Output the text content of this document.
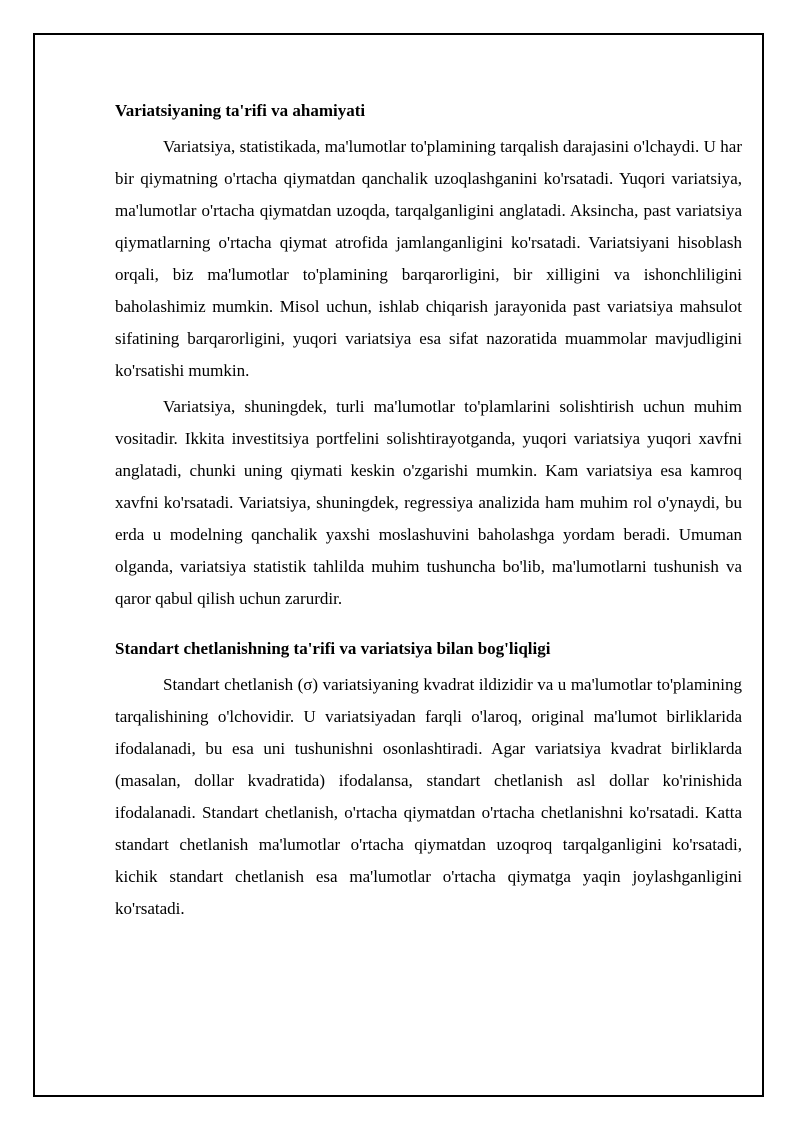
Variatsiyaning ta'rifi va ahamiyati

Variatsiya, statistikada, ma'lumotlar to'plamining tarqalish darajasini o'lchaydi. U har bir qiymatning o'rtacha qiymatdan qanchalik uzoqlashganini ko'rsatadi. Yuqori variatsiya, ma'lumotlar o'rtacha qiymatdan uzoqda, tarqalganligini anglatadi. Aksincha, past variatsiya qiymatlarning o'rtacha qiymat atrofida jamlanganligini ko'rsatadi. Variatsiyani hisoblash orqali, biz ma'lumotlar to'plamining barqarorligini, bir xilligini va ishonchliligini baholashimiz mumkin. Misol uchun, ishlab chiqarish jarayonida past variatsiya mahsulot sifatining barqarorligini, yuqori variatsiya esa sifat nazoratida muammolar mavjudligini ko'rsatishi mumkin.

Variatsiya, shuningdek, turli ma'lumotlar to'plamlarini solishtirish uchun muhim vositadir. Ikkita investitsiya portfelini solishtirayotganda, yuqori variatsiya yuqori xavfni anglatadi, chunki uning qiymati keskin o'zgarishi mumkin. Kam variatsiya esa kamroq xavfni ko'rsatadi. Variatsiya, shuningdek, regressiya analizida ham muhim rol o'ynaydi, bu erda u modelning qanchalik yaxshi moslashuvini baholashga yordam beradi. Umuman olganda, variatsiya statistik tahlilda muhim tushuncha bo'lib, ma'lumotlarni tushunish va qaror qabul qilish uchun zarurdir.

Standart chetlanishning ta'rifi va variatsiya bilan bog'liqligi

Standart chetlanish (σ) variatsiyaning kvadrat ildizidir va u ma'lumotlar to'plamining tarqalishining o'lchovidir. U variatsiyadan farqli o'laroq, original ma'lumot birliklarida ifodalanadi, bu esa uni tushunishni osonlashtiradi. Agar variatsiya kvadrat birliklarda (masalan, dollar kvadratida) ifodalansa, standart chetlanish asl dollar ko'rinishida ifodalanadi. Standart chetlanish, o'rtacha qiymatdan o'rtacha chetlanishni ko'rsatadi. Katta standart chetlanish ma'lumotlar o'rtacha qiymatdan uzoqroq tarqalganligini ko'rsatadi, kichik standart chetlanish esa ma'lumotlar o'rtacha qiymatga yaqin joylashganligini ko'rsatadi.
